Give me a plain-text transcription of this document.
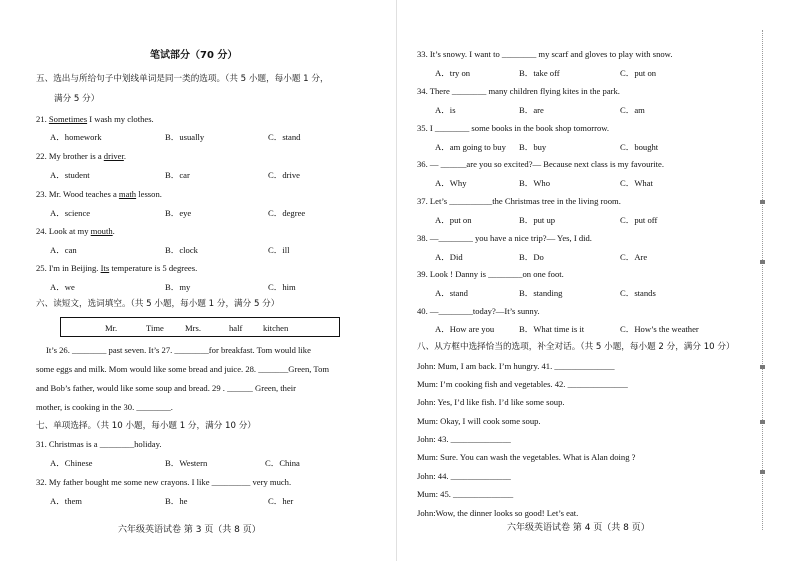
笔试部分（70 分）
五、选出与所给句子中划线单词是同一类的选项。（共 5 小题，每小题 1 分，
满分 5 分）
21. Sometimes I wash my clothes.
A．homework	B．usually	C．stand
22. My brother is a driver.
A．student	B．car	C．drive
23. Mr. Wood teaches a math lesson.
A．science	B．eye	C．degree
24. Look at my mouth.
A．can	B．clock	C．ill
25. I'm in Beijing. Its temperature is 5 degrees.
A．we	B．my	C．him
六、读短文，选词填空。（共 5 小题，每小题 1 分，满分 5 分）
Mr.	Time Mrs.	half kitchen
It’s 26. ________ past seven. It’s 27. ________for breakfast. Tom would like
some eggs and milk. Mom would like some bread and juice. 28. _______Green, Tom
and Bob’s father, would like some soup and bread. 29 . ______ Green, their
mother, is cooking in the 30. ________.
七、单项选择。（共 10 小题，每小题 1 分，满分 10 分）
31. Christmas is a ________holiday.
A．Chinese	B．Western	C．China
32. My father bought me some new crayons. I like _________ very much.
A．them	B．he	C．her
六年级英语试卷 第 3 页（共 8 页）
33. It’s snowy. I want to ________ my scarf and gloves to play with snow.
A．try on	B．take off	C．put on
34. There ________ many children flying kites in the park.
A．is	B．are	C．am
35. I ________ some books in the book shop tomorrow.
A．am going to buy B．buy	C．bought
36. — ______are you so excited?— Because next class is my favourite.
A．Why	B．Who	C．What
37. Let’s __________the Christmas tree in the living room.
A．put on	B．put up	C．put off
38. —________ you have a nice trip?— Yes, I did.
A．Did	B．Do	C．Are
39. Look ! Danny is ________on one foot.
A．stand	B．standing	C．stands
40. —________today?—It’s sunny.
A．How are you	B．What time is it	C．How’s the weather
八、从方框中选择恰当的选项，补全对话。（共 5 小题，每小题 2 分，满分 10 分）
John: Mum, I am back. I’m hungry. 41. ______________
Mum: I’m cooking fish and vegetables. 42. ______________
John: Yes, I’d like fish. I’d like some soup.
Mum: Okay, I will cook some soup.
John: 43. ______________
Mum: Sure. You can wash the vegetables. What is Alan doing ?
John: 44. ______________
Mum: 45. ______________
John:Wow, the dinner looks so good! Let’s eat.
六年级英语试卷 第 4 页（共 8 页）
